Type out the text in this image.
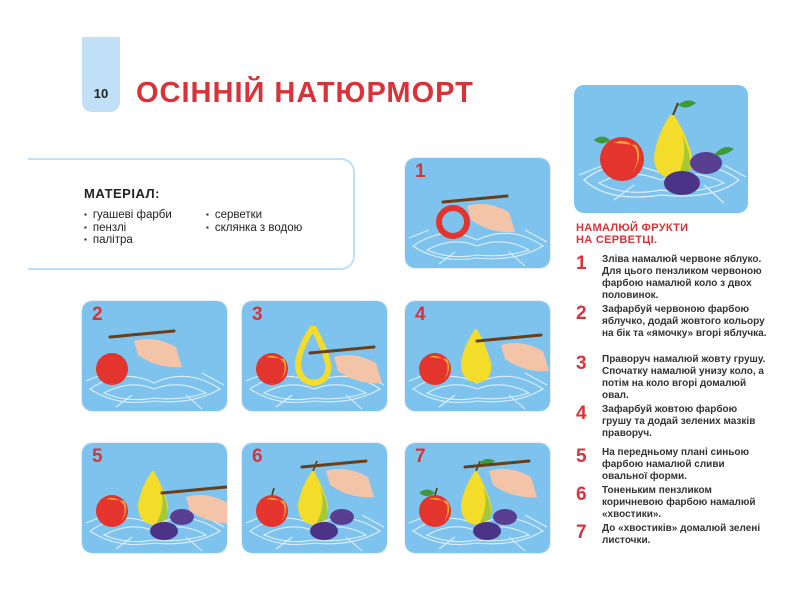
10 ОСІННІЙ НАТЮРМОРТ
МАТЕРІАЛ:
▪ гуашеві фарби
▪ пензлі
▪ палітра
▪ серветки
▪ склянка з водою
1
2	3	4
5	6	7
НАМАЛЮЙ ФРУКТИ
НА СЕРВЕТЦІ.
1 Зліва намалюй червоне яблуко. Для цього пензликом червоною фарбою намалюй коло з двох половинок.
2 Зафарбуй червоною фарбою яблучко, додай жовтого кольору на бік та «ямочку» вгорі яблучка.
3 Праворуч намалюй жовту грушу. Спочатку намалюй унизу коло, а потім на коло вгорі домалюй овал.
4 Зафарбуй жовтою фарбою грушу та додай зелених мазків праворуч.
5 На передньому плані синьою фарбою намалюй сливи овальної форми.
6 Тоненьким пензликом коричневою фарбою намалюй «хвостики».
7 До «хвостиків» домалюй зелені листочки.
